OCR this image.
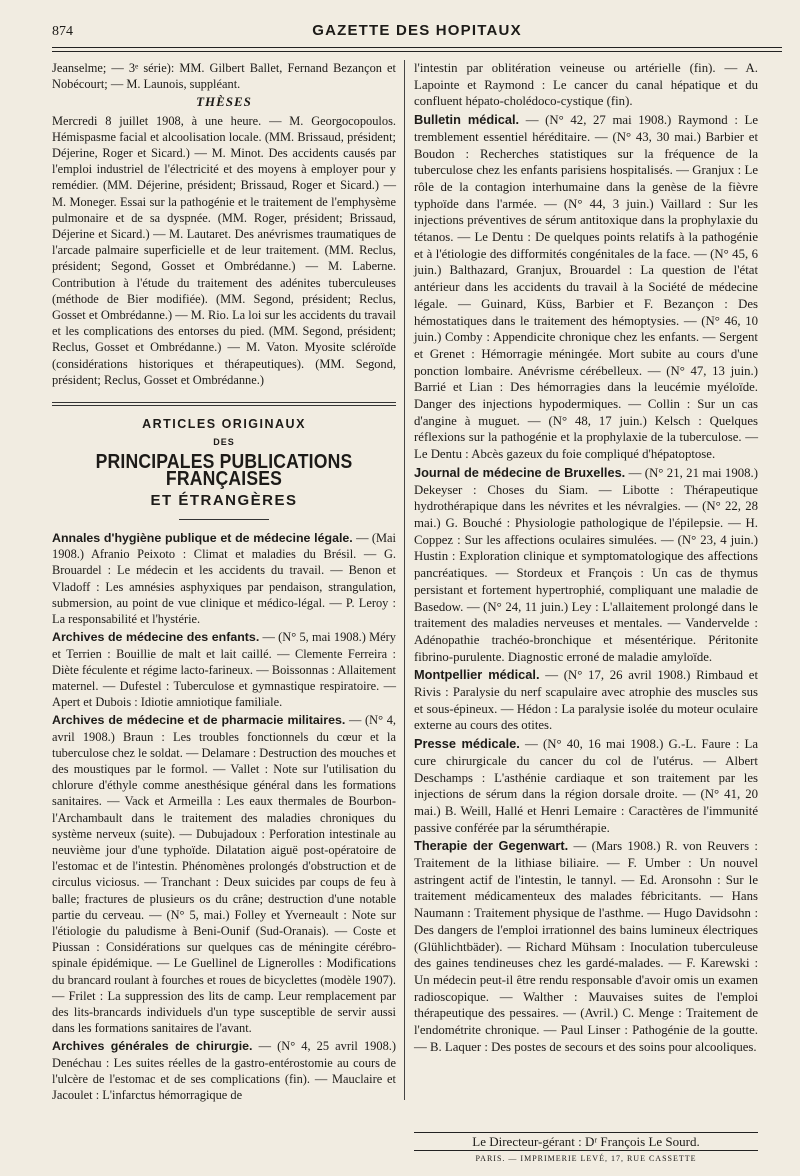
874	GAZETTE DES HOPITAUX

Jeanselme; — 3ᵉ série): MM. Gilbert Ballet, Fernand Bezançon et Nobécourt; — M. Launois, suppléant.

THÈSES

Mercredi 8 juillet 1908, à une heure. — M. Georgocopoulos. Hémispasme facial et alcoolisation locale. (MM. Brissaud, président; Déjerine, Roger et Sicard.) — M. Minot. Des accidents causés par l'emploi industriel de l'électricité et des moyens à employer pour y remédier. (MM. Déjerine, président; Brissaud, Roger et Sicard.) — M. Moneger. Essai sur la pathogénie et le traitement de l'emphysème pulmonaire et de sa dyspnée. (MM. Roger, président; Brissaud, Déjerine et Sicard.) — M. Lautaret. Des anévrismes traumatiques de l'arcade palmaire superficielle et de leur traitement. (MM. Reclus, président; Segond, Gosset et Ombrédanne.) — M. Laberne. Contribution à l'étude du traitement des adénites tuberculeuses (méthode de Bier modifiée). (MM. Segond, président; Reclus, Gosset et Ombrédanne.) — M. Rio. La loi sur les accidents du travail et les complications des entorses du pied. (MM. Segond, président; Reclus, Gosset et Ombrédanne.) — M. Vaton. Myosite scléroïde (considérations historiques et thérapeutiques). (MM. Segond, président; Reclus, Gosset et Ombrédanne.)

ARTICLES ORIGINAUX
DES
PRINCIPALES PUBLICATIONS FRANÇAISES
ET ÉTRANGÈRES

Annales d'hygiène publique et de médecine légale. — (Mai 1908.) Afranio Peixoto : Climat et maladies du Brésil. — G. Brouardel : Le médecin et les accidents du travail. — Benon et Vladoff : Les amnésies asphyxiques par pendaison, strangulation, submersion, au point de vue clinique et médico-légal. — P. Leroy : La responsabilité et l'hystérie.

Archives de médecine des enfants. — (N° 5, mai 1908.) Méry et Terrien : Bouillie de malt et lait caillé. — Clemente Ferreira : Diète féculente et régime lacto-farineux. — Boissonnas : Allaitement maternel. — Dufestel : Tuberculose et gymnastique respiratoire. — Apert et Dubois : Idiotie amniotique familiale.

Archives de médecine et de pharmacie militaires. — (N° 4, avril 1908.) Braun : Les troubles fonctionnels du cœur et la tuberculose chez le soldat. — Delamare : Destruction des mouches et des moustiques par le formol. — Vallet : Note sur l'utilisation du chlorure d'éthyle comme anesthésique général dans les formations sanitaires. — Vack et Armeilla : Les eaux thermales de Bourbon-l'Archambault dans le traitement des maladies chroniques du système nerveux (suite). — Dubujadoux : Perforation intestinale au neuvième jour d'une typhoïde. Dilatation aiguë post-opératoire de l'estomac et de l'intestin. Phénomènes prolongés d'obstruction et de circulus viciosus. — Tranchant : Deux suicides par coups de feu à balle; fractures de plusieurs os du crâne; destruction d'une notable partie du cerveau. — (N° 5, mai.) Folley et Yverneault : Note sur l'étiologie du paludisme à Beni-Ounif (Sud-Oranais). — Coste et Piussan : Considérations sur quelques cas de méningite cérébro-spinale épidémique. — Le Guellinel de Lignerolles : Modifications du brancard roulant à fourches et roues de bicyclettes (modèle 1907). — Frilet : La suppression des lits de camp. Leur remplacement par des lits-brancards individuels d'un type susceptible de servir aussi dans les formations sanitaires de l'avant.

Archives générales de chirurgie. — (N° 4, 25 avril 1908.) Denéchau : Les suites réelles de la gastro-entérostomie au cours de l'ulcère de l'estomac et de ses complications (fin). — Mauclaire et Jacoulet : L'infarctus hémorragique de

l'intestin par oblitération veineuse ou artérielle (fin). — A. Lapointe et Raymond : Le cancer du canal hépatique et du confluent hépato-cholédoco-cystique (fin).

Bulletin médical. — (N° 42, 27 mai 1908.) Raymond : Le tremblement essentiel héréditaire. — (N° 43, 30 mai.) Barbier et Boudon : Recherches statistiques sur la fréquence de la tuberculose chez les enfants parisiens hospitalisés. — Granjux : Le rôle de la contagion interhumaine dans la genèse de la fièvre typhoïde dans l'armée. — (N° 44, 3 juin.) Vaillard : Sur les injections préventives de sérum antitoxique dans la prophylaxie du tétanos. — Le Dentu : De quelques points relatifs à la pathogénie et à l'étiologie des difformités congénitales de la face. — (N° 45, 6 juin.) Balthazard, Granjux, Brouardel : La question de l'état antérieur dans les accidents du travail à la Société de médecine légale. — Guinard, Küss, Barbier et F. Bezançon : Des hémostatiques dans le traitement des hémoptysies. — (N° 46, 10 juin.) Comby : Appendicite chronique chez les enfants. — Sergent et Grenet : Hémorragie méningée. Mort subite au cours d'une ponction lombaire. Anévrisme cérébelleux. — (N° 47, 13 juin.) Barrié et Lian : Des hémorragies dans la leucémie myéloïde. Danger des injections hypodermiques. — Collin : Sur un cas d'angine à muguet. — (N° 48, 17 juin.) Kelsch : Quelques réflexions sur la pathogénie et la prophylaxie de la tuberculose. — Le Dentu : Abcès gazeux du foie compliqué d'hépatoptose.

Journal de médecine de Bruxelles. — (N° 21, 21 mai 1908.) Dekeyser : Choses du Siam. — Libotte : Thérapeutique hydrothérapique dans les névrites et les névralgies. — (N° 22, 28 mai.) G. Bouché : Physiologie pathologique de l'épilepsie. — H. Coppez : Sur les affections oculaires simulées. — (N° 23, 4 juin.) Hustin : Exploration clinique et symptomatologique des affections pancréatiques. — Stordeux et François : Un cas de thymus persistant et fortement hypertrophié, compliquant une maladie de Basedow. — (N° 24, 11 juin.) Ley : L'allaitement prolongé dans le traitement des maladies nerveuses et mentales. — Vandervelde : Adénopathie trachéo-bronchique et mésentérique. Péritonite fibrino-purulente. Diagnostic erroné de maladie amyloïde.

Montpellier médical. — (N° 17, 26 avril 1908.) Rimbaud et Rivis : Paralysie du nerf scapulaire avec atrophie des muscles sus et sous-épineux. — Hédon : La paralysie isolée du moteur oculaire externe au cours des otites.

Presse médicale. — (N° 40, 16 mai 1908.) G.-L. Faure : La cure chirurgicale du cancer du col de l'utérus. — Albert Deschamps : L'asthénie cardiaque et son traitement par les injections de sérum dans la région dorsale droite. — (N° 41, 20 mai.) B. Weill, Hallé et Henri Lemaire : Caractères de l'immunité passive conférée par la sérumthérapie.

Therapie der Gegenwart. — (Mars 1908.) R. von Reuvers : Traitement de la lithiase biliaire. — F. Umber : Un nouvel astringent actif de l'intestin, le tannyl. — Ed. Aronsohn : Sur le traitement médicamenteux des malades fébricitants. — Hans Naumann : Traitement physique de l'asthme. — Hugo Davidsohn : Des dangers de l'emploi irrationnel des bains lumineux électriques (Glühlichtbäder). — Richard Mühsam : Inoculation tuberculeuse des gaines tendineuses chez les gardé-malades. — F. Karewski : Un médecin peut-il être rendu responsable d'avoir omis un examen radioscopique. — Walther : Mauvaises suites de l'emploi thérapeutique des pessaires. — (Avril.) C. Menge : Traitement de l'endométrite chronique. — Paul Linser : Pathogénie de la goutte. — B. Laquer : Des postes de secours et des soins pour alcooliques.

Le Directeur-gérant : Dʳ François Le Sourd.
PARIS. — IMPRIMERIE LEVÉ, 17, RUE CASSETTE
